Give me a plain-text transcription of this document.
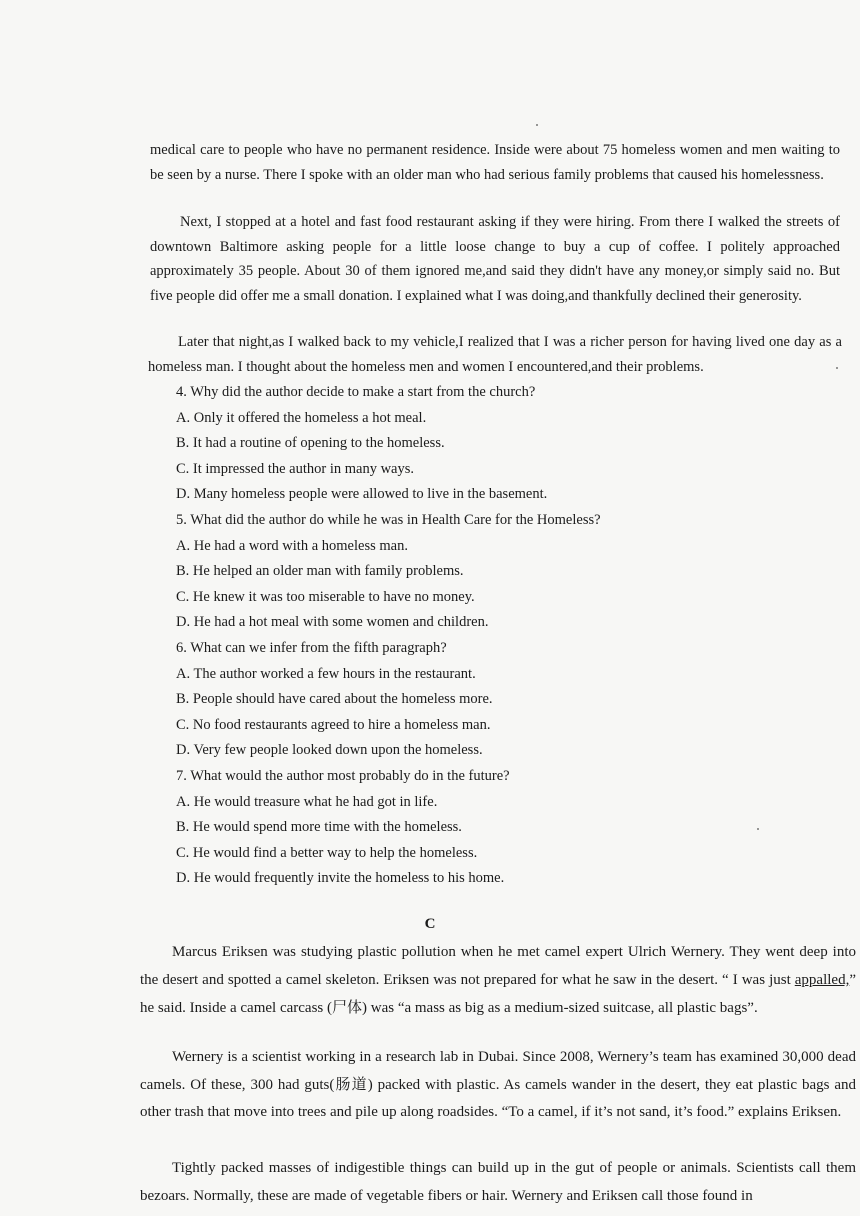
medical care to people who have no permanent residence. Inside were about 75 homeless women and men waiting to be seen by a nurse. There I spoke with an older man who had serious family problems that caused his homelessness.

Next, I stopped at a hotel and fast food restaurant asking if they were hiring. From there I walked the streets of downtown Baltimore asking people for a little loose change to buy a cup of coffee. I politely approached approximately 35 people. About 30 of them ignored me,and said they didn't have any money,or simply said no. But five people did offer me a small donation. I explained what I was doing,and thankfully declined their generosity.

Later that night,as I walked back to my vehicle,I realized that I was a richer person for having lived one day as a homeless man. I thought about the homeless men and women I encountered,and their problems.

4. Why did the author decide to make a start from the church?
A. Only it offered the homeless a hot meal.
B. It had a routine of opening to the homeless.
C. It impressed the author in many ways.
D. Many homeless people were allowed to live in the basement.
5. What did the author do while he was in Health Care for the Homeless?
A. He had a word with a homeless man.
B. He helped an older man with family problems.
C. He knew it was too miserable to have no money.
D. He had a hot meal with some women and children.
6. What can we infer from the fifth paragraph?
A. The author worked a few hours in the restaurant.
B. People should have cared about the homeless more.
C. No food restaurants agreed to hire a homeless man.
D. Very few people looked down upon the homeless.
7. What would the author most probably do in the future?
A. He would treasure what he had got in life.
B. He would spend more time with the homeless.
C. He would find a better way to help the homeless.
D. He would frequently invite the homeless to his home.
C

Marcus Eriksen was studying plastic pollution when he met camel expert Ulrich Wernery. They went deep into the desert and spotted a camel skeleton. Eriksen was not prepared for what he saw in the desert. “ I was just appalled,” he said. Inside a camel carcass (尸体) was “a mass as big as a medium-sized suitcase, all plastic bags”.

Wernery is a scientist working in a research lab in Dubai. Since 2008, Wernery’s team has examined 30,000 dead camels. Of these, 300 had guts(肠道) packed with plastic. As camels wander in the desert, they eat plastic bags and other trash that move into trees and pile up along roadsides. “To a camel, if it’s not sand, it’s food.” explains Eriksen.

Tightly packed masses of indigestible things can build up in the gut of people or animals. Scientists call them bezoars. Normally, these are made of vegetable fibers or hair. Wernery and Eriksen call those found in
